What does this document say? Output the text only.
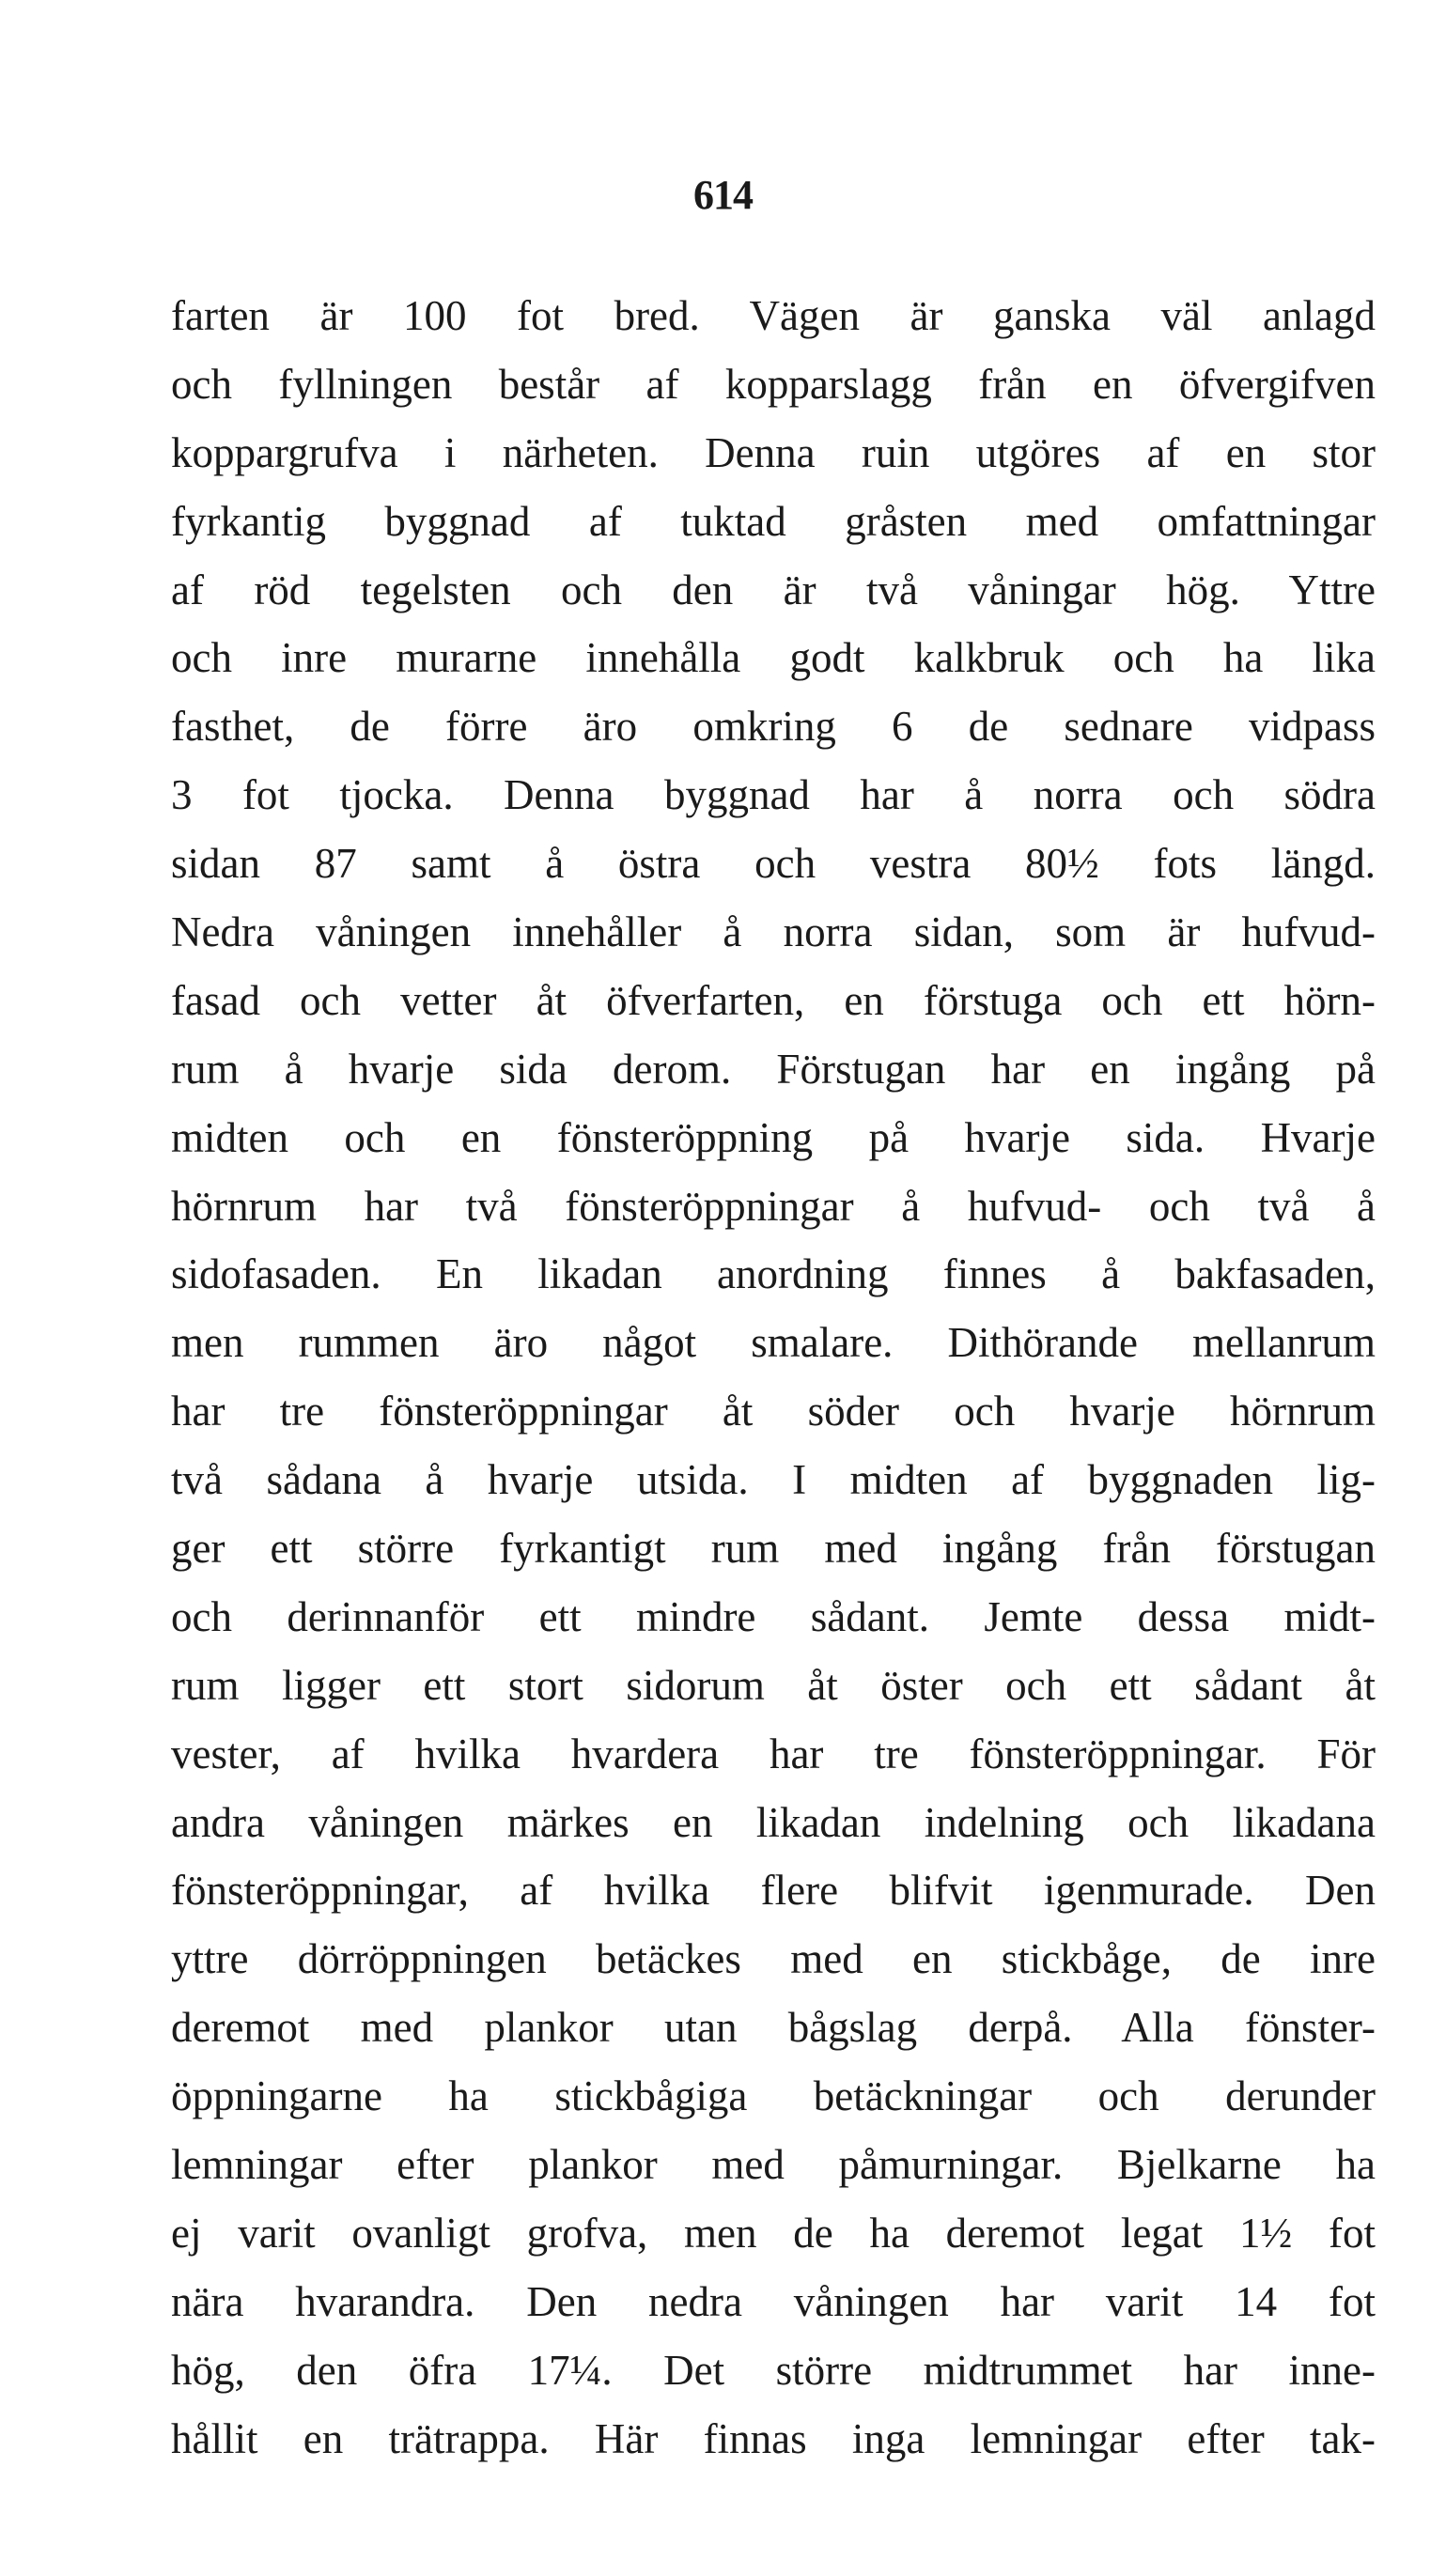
614
farten är 100 fot bred. Vägen är ganska väl anlagd
och fyllningen består af kopparslagg från en öfvergifven
koppargrufva i närheten. Denna ruin utgöres af en stor
fyrkantig byggnad af tuktad gråsten med omfattningar
af röd tegelsten och den är två våningar hög. Yttre
och inre murarne innehålla godt kalkbruk och ha lika
fasthet, de förre äro omkring 6 de sednare vidpass
3 fot tjocka. Denna byggnad har å norra och södra
sidan 87 samt å östra och vestra 80½ fots längd.
Nedra våningen innehåller å norra sidan, som är hufvud-
fasad och vetter åt öfverfarten, en förstuga och ett hörn-
rum å hvarje sida derom. Förstugan har en ingång på
midten och en fönsteröppning på hvarje sida. Hvarje
hörnrum har två fönsteröppningar å hufvud- och två å
sidofasaden. En likadan anordning finnes å bakfasaden,
men rummen äro något smalare. Dithörande mellanrum
har tre fönsteröppningar åt söder och hvarje hörnrum
två sådana å hvarje utsida. I midten af byggnaden lig-
ger ett större fyrkantigt rum med ingång från förstugan
och derinnanför ett mindre sådant. Jemte dessa midt-
rum ligger ett stort sidorum åt öster och ett sådant åt
vester, af hvilka hvardera har tre fönsteröppningar. För
andra våningen märkes en likadan indelning och likadana
fönsteröppningar, af hvilka flere blifvit igenmurade. Den
yttre dörröppningen betäckes med en stickbåge, de inre
deremot med plankor utan bågslag derpå. Alla fönster-
öppningarne ha stickbågiga betäckningar och derunder
lemningar efter plankor med påmurningar. Bjelkarne ha
ej varit ovanligt grofva, men de ha deremot legat 1½ fot
nära hvarandra. Den nedra våningen har varit 14 fot
hög, den öfra 17¼. Det större midtrummet har inne-
hållit en trätrappa. Här finnas inga lemningar efter tak-
